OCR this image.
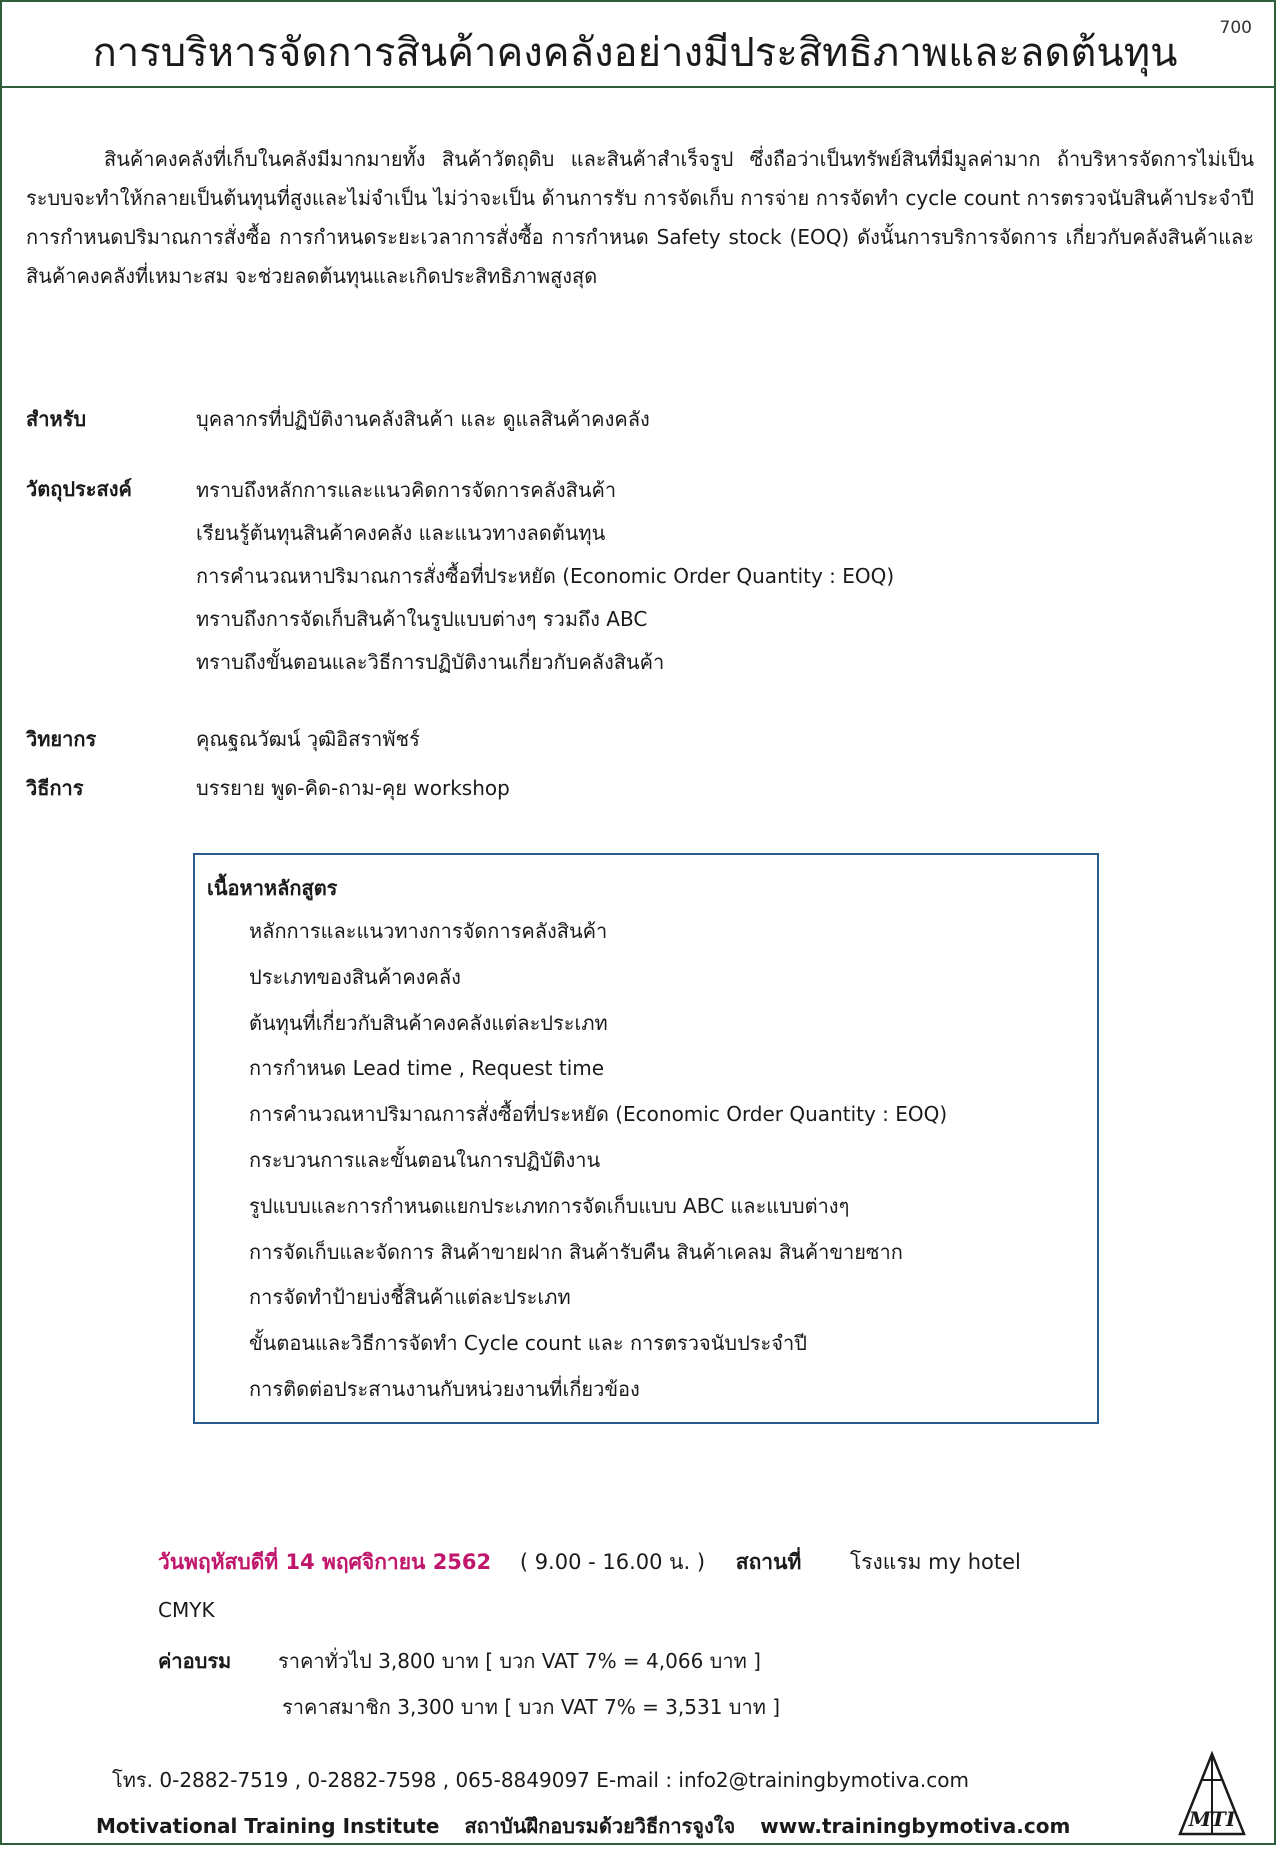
การบริหารจัดการสินค้าคงคลังอย่างมีประสิทธิภาพและลดต้นทุน
700

สินค้าคงคลังที่เก็บในคลังมีมากมายทั้ง สินค้าวัตถุดิบ และสินค้าสำเร็จรูป ซึ่งถือว่าเป็นทรัพย์สินที่มีมูลค่ามาก ถ้าบริหารจัดการไม่เป็นระบบจะทำให้กลายเป็นต้นทุนที่สูงและไม่จำเป็น ไม่ว่าจะเป็น ด้านการรับ การจัดเก็บ การจ่าย การจัดทำ cycle count การตรวจนับสินค้าประจำปี การกำหนดปริมาณการสั่งซื้อ การกำหนดระยะเวลาการสั่งซื้อ การกำหนด Safety stock (EOQ) ดังนั้นการบริการจัดการ เกี่ยวกับคลังสินค้าและสินค้าคงคลังที่เหมาะสม จะช่วยลดต้นทุนและเกิดประสิทธิภาพสูงสุด

สำหรับ	บุคลากรที่ปฏิบัติงานคลังสินค้า และ ดูแลสินค้าคงคลัง
วัตถุประสงค์	ทราบถึงหลักการและแนวคิดการจัดการคลังสินค้า
เรียนรู้ต้นทุนสินค้าคงคลัง และแนวทางลดต้นทุน
การคำนวณหาปริมาณการสั่งซื้อที่ประหยัด (Economic Order Quantity : EOQ)
ทราบถึงการจัดเก็บสินค้าในรูปแบบต่างๆ รวมถึง ABC
ทราบถึงขั้นตอนและวิธีการปฏิบัติงานเกี่ยวกับคลังสินค้า
วิทยากร	คุณฐณวัฒน์ วุฒิอิสราพัชร์
วิธีการ	บรรยาย พูด-คิด-ถาม-คุย workshop
เนื้อหาหลักสูตร
หลักการและแนวทางการจัดการคลังสินค้า
ประเภทของสินค้าคงคลัง
ต้นทุนที่เกี่ยวกับสินค้าคงคลังแต่ละประเภท
การกำหนด Lead time , Request time
การคำนวณหาปริมาณการสั่งซื้อที่ประหยัด (Economic Order Quantity : EOQ)
กระบวนการและขั้นตอนในการปฏิบัติงาน
รูปแบบและการกำหนดแยกประเภทการจัดเก็บแบบ ABC และแบบต่างๆ
การจัดเก็บและจัดการ สินค้าขายฝาก สินค้ารับคืน สินค้าเคลม สินค้าขายซาก
การจัดทำป้ายบ่งชี้สินค้าแต่ละประเภท
ขั้นตอนและวิธีการจัดทำ Cycle count และ การตรวจนับประจำปี
การติดต่อประสานงานกับหน่วยงานที่เกี่ยวข้อง
วันพฤหัสบดีที่ 14 พฤศจิกายน 2562 ( 9.00 - 16.00 น. ) สถานที่ โรงแรม my hotel
CMYK
ค่าอบรม ราคาทั่วไป 3,800 บาท [ บวก VAT 7% = 4,066 บาท ]
ราคาสมาชิก 3,300 บาท [ บวก VAT 7% = 3,531 บาท ]
โทร. 0-2882-7519 , 0-2882-7598 , 065-8849097 E-mail : info2@trainingbymotiva.com
Motivational Training Institute สถาบันฝึกอบรมด้วยวิธีการจูงใจ www.trainingbymotiva.com	MTI
